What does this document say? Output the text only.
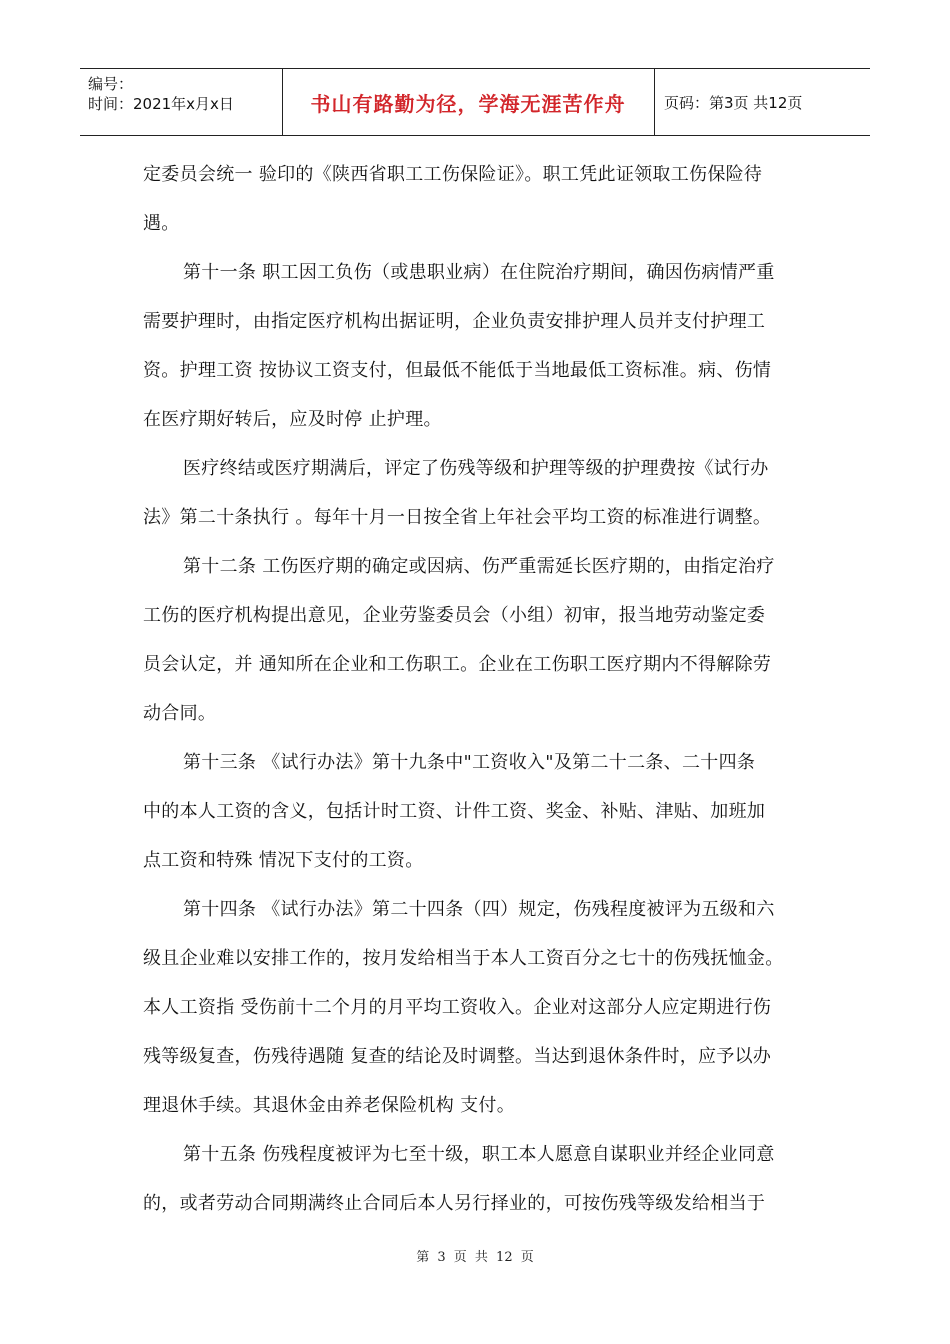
编号：
时间：2021年x月x日	书山有路勤为径，学海无涯苦作舟	页码：第3页 共12页
定委员会统一 验印的《陕西省职工工伤保险证》。职工凭此证领取工伤保险待
遇。
第十一条 职工因工负伤（或患职业病）在住院治疗期间，确因伤病情严重
需要护理时，由指定医疗机构出据证明，企业负责安排护理人员并支付护理工
资。护理工资 按协议工资支付，但最低不能低于当地最低工资标准。病、伤情
在医疗期好转后，应及时停 止护理。
医疗终结或医疗期满后，评定了伤残等级和护理等级的护理费按《试行办
法》第二十条执行 。每年十月一日按全省上年社会平均工资的标准进行调整。
第十二条 工伤医疗期的确定或因病、伤严重需延长医疗期的，由指定治疗
工伤的医疗机构提出意见，企业劳鉴委员会（小组）初审，报当地劳动鉴定委
员会认定，并 通知所在企业和工伤职工。企业在工伤职工医疗期内不得解除劳
动合同。
第十三条 《试行办法》第十九条中"工资收入"及第二十二条、二十四条
中的本人工资的含义，包括计时工资、计件工资、奖金、补贴、津贴、加班加
点工资和特殊 情况下支付的工资。
第十四条 《试行办法》第二十四条（四）规定，伤残程度被评为五级和六
级且企业难以安排工作的，按月发给相当于本人工资百分之七十的伤残抚恤金。
本人工资指 受伤前十二个月的月平均工资收入。企业对这部分人应定期进行伤
残等级复查，伤残待遇随 复查的结论及时调整。当达到退休条件时，应予以办
理退休手续。其退休金由养老保险机构 支付。
第十五条 伤残程度被评为七至十级，职工本人愿意自谋职业并经企业同意
的，或者劳动合同期满终止合同后本人另行择业的，可按伤残等级发给相当于
第 3 页 共 12 页
